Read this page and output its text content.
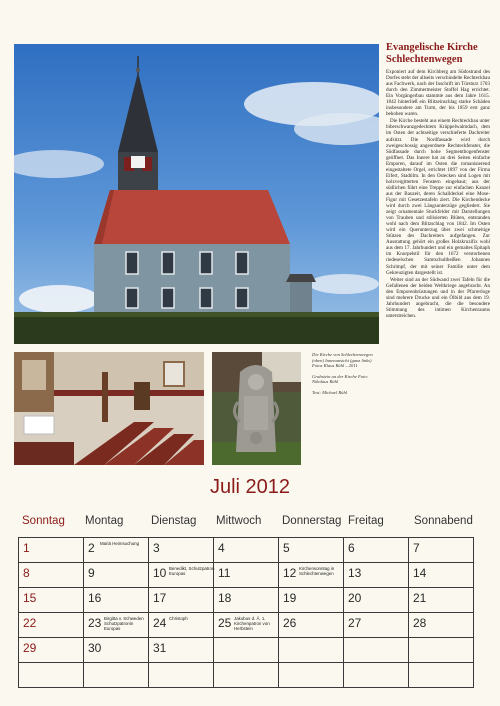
Evangelische Kirche Schlechtenwegen

Exponiert auf dem Kirchberg am Südostrand des Dorfes steht der allseits verschindelte Rechteckbau aus Fachwerk, nach der Inschrift im Türsturz 1703 durch den Zimmermeister Stoffel Hag errichtet. Ein Vorgängerbau stammte aus dem Jahre 1615. 1842 hinterließ ein Blitzeinschlag starke Schäden insbesondere am Turm, der bis 1859 erst ganz behoben waren.

Die Kirche besteht aus einem Rechteckbau unter biberschwanzgedecktem Krüppelwalmdach, dem im Osten der achtseitige verschieferte Dachreiter aufsitzt. Die Nordfassade wird durch zweigeschossig angeordnete Rechteckfenster, die Südfassade durch hohe Segmentbogenfenster geöffnet. Das Innere hat an drei Seiten einfache Emporen, darauf im Osten die romanisierend eingestaltete Orgel, errichtet 1897 von der Firma Eifert, Stadtilm. In den Ostecken sind Logen mit holzvergitterten Fenstern eingebaut; aus der südlichen führt eine Treppe zur einfachen Kanzel aus der Bauzeit, deren Schalldeckel eine Mose-Figur mit Gesetzestafeln ziert. Die Kirchendecke wird durch zwei Längsunterzüge gegliedert. Sie zeigt ornamentale Stuckfelder mit Darstellungen von Trauben und stilisierten Blüten, entstanden wohl nach dem Blitzschlag von 1842. Im Osten wird ein Querunterzug über zwei schmeitige Stützen des Dachreiters aufgefangen. Zur Ausstattung gehört ein großes Holzkruzifix wohl aus dem 17. Jahrhundert und ein gemaltes Epitaph im Knorpelstil für den 1672 verstorbenen riedeselschen Samtschultheißen Johannes Schrimpf, der mit seiner Familie unter dem Gekreuzigten dargestellt ist.

Weiter sind an der Südwand zwei Tafeln für die Gefallenen der beiden Weltkriege angebracht. An den Emporenbrüstungen und in der Pfarrerloge sind mehrere Drucke und ein Ölbild aus dem 19. Jahrhundert angebracht, die die besondere Stimmung des intimen Kirchenraums unterstreichen.

Die Kirche von Schlechtenwegen (oben) Innenansicht (ganz links) Fotos Klaus Rühl – 2011

Grabstein an der Kirche Foto: Nikolaus Rühl

Text: Michael Rühl

Juli 2012
Sonntag Montag Dienstag Mittwoch Donnerstag Freitag	Sonnabend
1	2 Mariä Heimsuchung	3	4	5	6	7

8	9	10 Benedikt, Schutzpatron Europas	11	12 Kirchensonntag in Schlechtenwegen	13	14

15	16	17	18	19	20	21

22	23 Birgitta v. Schweden Schutzpatronin Europas	24 Christoph	25 Jakobus d. Ä. 1. Kirchenpatron von Herbstein	26	27	28

29	30	31				
